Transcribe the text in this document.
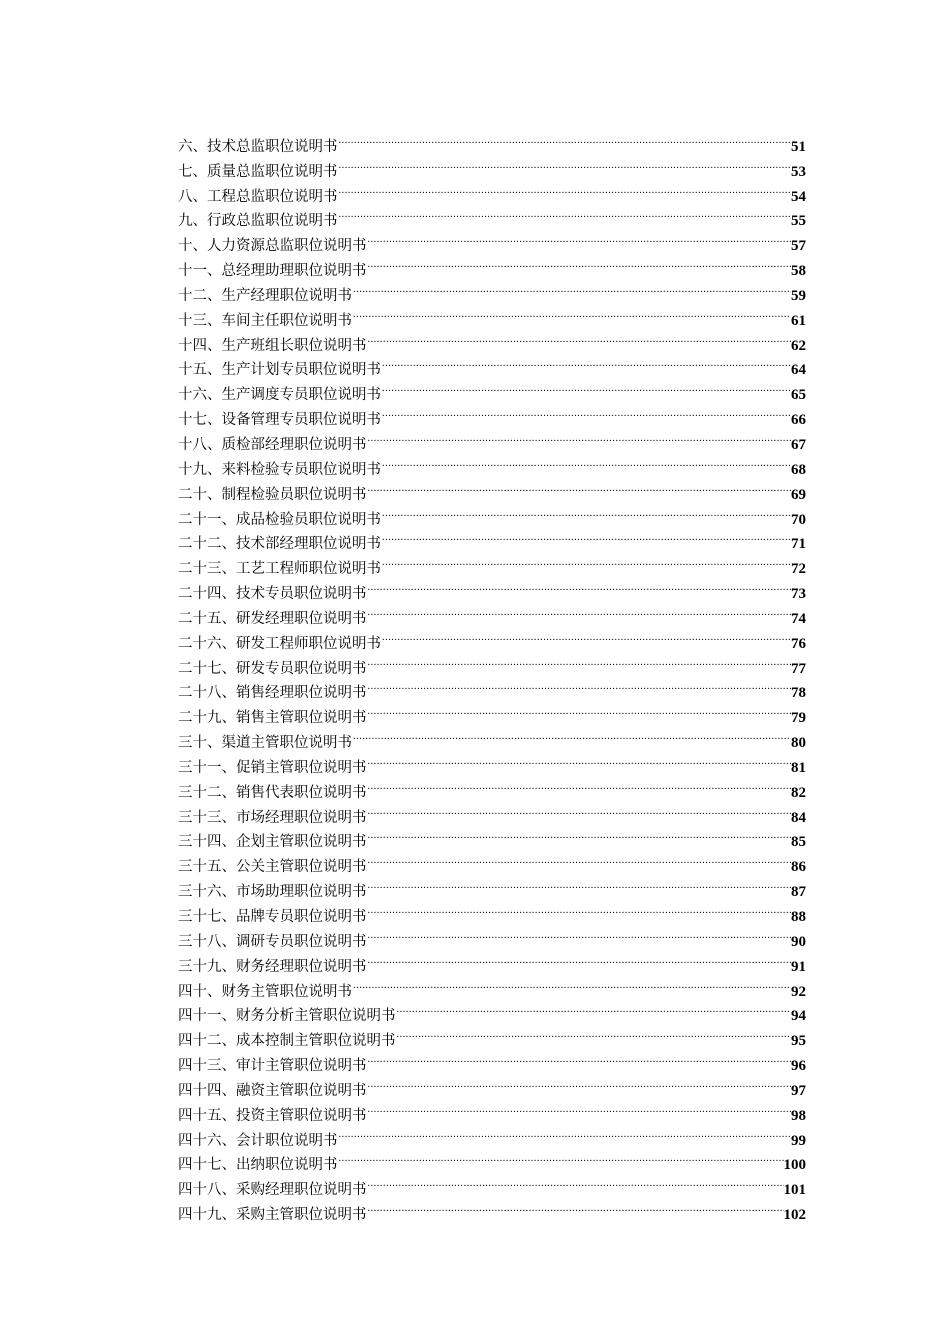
六、技术总监职位说明书 .....	51
七、质量总监职位说明书 .....	53
八、工程总监职位说明书 .....	54
九、行政总监职位说明书 .....	55
十、人力资源总监职位说明书 .....	57
十一、总经理助理职位说明书 .....	58
十二、生产经理职位说明书 .....	59
十三、车间主任职位说明书 .....	61
十四、生产班组长职位说明书 .....	62
十五、生产计划专员职位说明书 .....	64
十六、生产调度专员职位说明书 .....	65
十七、设备管理专员职位说明书 .....	66
十八、质检部经理职位说明书 .....	67
十九、来料检验专员职位说明书 .....	68
二十、制程检验员职位说明书 .....	69
二十一、成品检验员职位说明书 .....	70
二十二、技术部经理职位说明书 .....	71
二十三、工艺工程师职位说明书 .....	72
二十四、技术专员职位说明书 .....	73
二十五、研发经理职位说明书 .....	74
二十六、研发工程师职位说明书 .....	76
二十七、研发专员职位说明书 .....	77
二十八、销售经理职位说明书 .....	78
二十九、销售主管职位说明书 .....	79
三十、渠道主管职位说明书 .....	80
三十一、促销主管职位说明书 .....	81
三十二、销售代表职位说明书 .....	82
三十三、市场经理职位说明书 .....	84
三十四、企划主管职位说明书 .....	85
三十五、公关主管职位说明书 .....	86
三十六、市场助理职位说明书 .....	87
三十七、品牌专员职位说明书 .....	88
三十八、调研专员职位说明书 .....	90
三十九、财务经理职位说明书 .....	91
四十、财务主管职位说明书 .....	92
四十一、财务分析主管职位说明书 .....	94
四十二、成本控制主管职位说明书 .....	95
四十三、审计主管职位说明书 .....	96
四十四、融资主管职位说明书 .....	97
四十五、投资主管职位说明书 .....	98
四十六、会计职位说明书 .....	99
四十七、出纳职位说明书 .....	100
四十八、采购经理职位说明书 .....	101
四十九、采购主管职位说明书 .....	102
